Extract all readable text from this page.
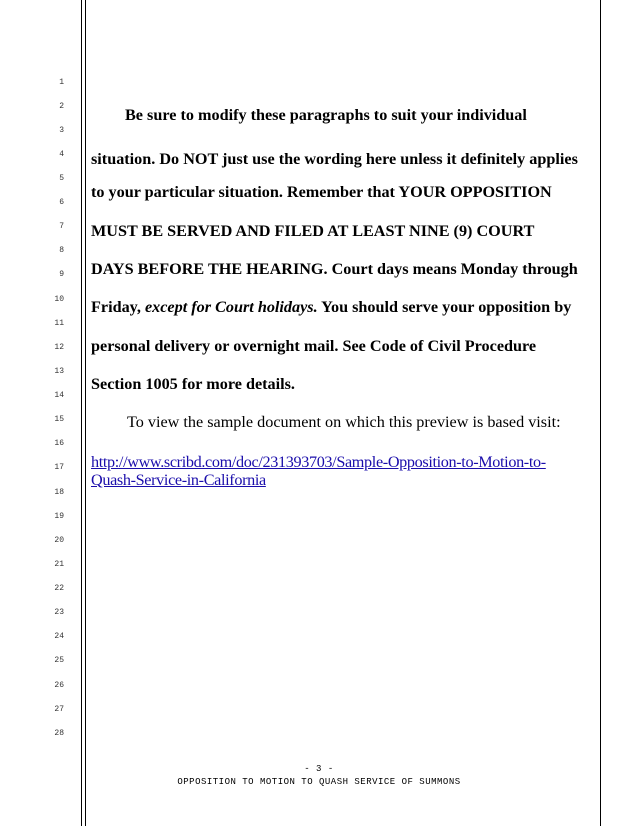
1
2
3
4
5
6
7
8
9
10
11
12
13
14
15
16
17
18
19
20
21
22
23
24
25
26
27
28
Be sure to modify these paragraphs to suit your individual
situation. Do NOT just use the wording here unless it definitely applies
to your particular situation. Remember that YOUR OPPOSITION
MUST BE SERVED AND FILED AT LEAST NINE (9) COURT
DAYS BEFORE THE HEARING. Court days means Monday through
Friday, except for Court holidays. You should serve your opposition by
personal delivery or overnight mail. See Code of Civil Procedure
Section 1005 for more details.
To view the sample document on which this preview is based visit:
http://www.scribd.com/doc/231393703/Sample-Opposition-to-Motion-to-
Quash-Service-in-California
- 3 -
OPPOSITION TO MOTION TO QUASH SERVICE OF SUMMONS
